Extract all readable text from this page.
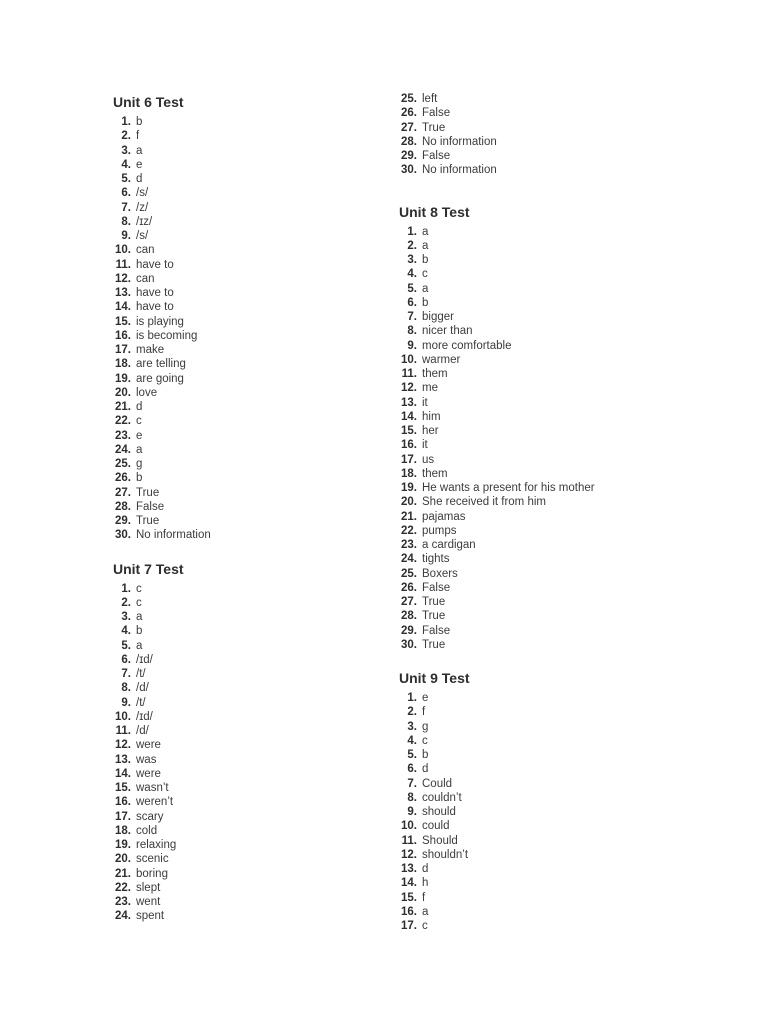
Unit 6 Test
1. b
2. f
3. a
4. e
5. d
6. /s/
7. /z/
8. /ɪz/
9. /s/
10. can
11. have to
12. can
13. have to
14. have to
15. is playing
16. is becoming
17. make
18. are telling
19. are going
20. love
21. d
22. c
23. e
24. a
25. g
26. b
27. True
28. False
29. True
30. No information
Unit 7 Test
1. c
2. c
3. a
4. b
5. a
6. /ɪd/
7. /t/
8. /d/
9. /t/
10. /ɪd/
11. /d/
12. were
13. was
14. were
15. wasn’t
16. weren’t
17. scary
18. cold
19. relaxing
20. scenic
21. boring
22. slept
23. went
24. spent
25. left
26. False
27. True
28. No information
29. False
30. No information
Unit 8 Test
1. a
2. a
3. b
4. c
5. a
6. b
7. bigger
8. nicer than
9. more comfortable
10. warmer
11. them
12. me
13. it
14. him
15. her
16. it
17. us
18. them
19. He wants a present for his mother
20. She received it from him
21. pajamas
22. pumps
23. a cardigan
24. tights
25. Boxers
26. False
27. True
28. True
29. False
30. True
Unit 9 Test
1. e
2. f
3. g
4. c
5. b
6. d
7. Could
8. couldn’t
9. should
10. could
11. Should
12. shouldn’t
13. d
14. h
15. f
16. a
17. c
